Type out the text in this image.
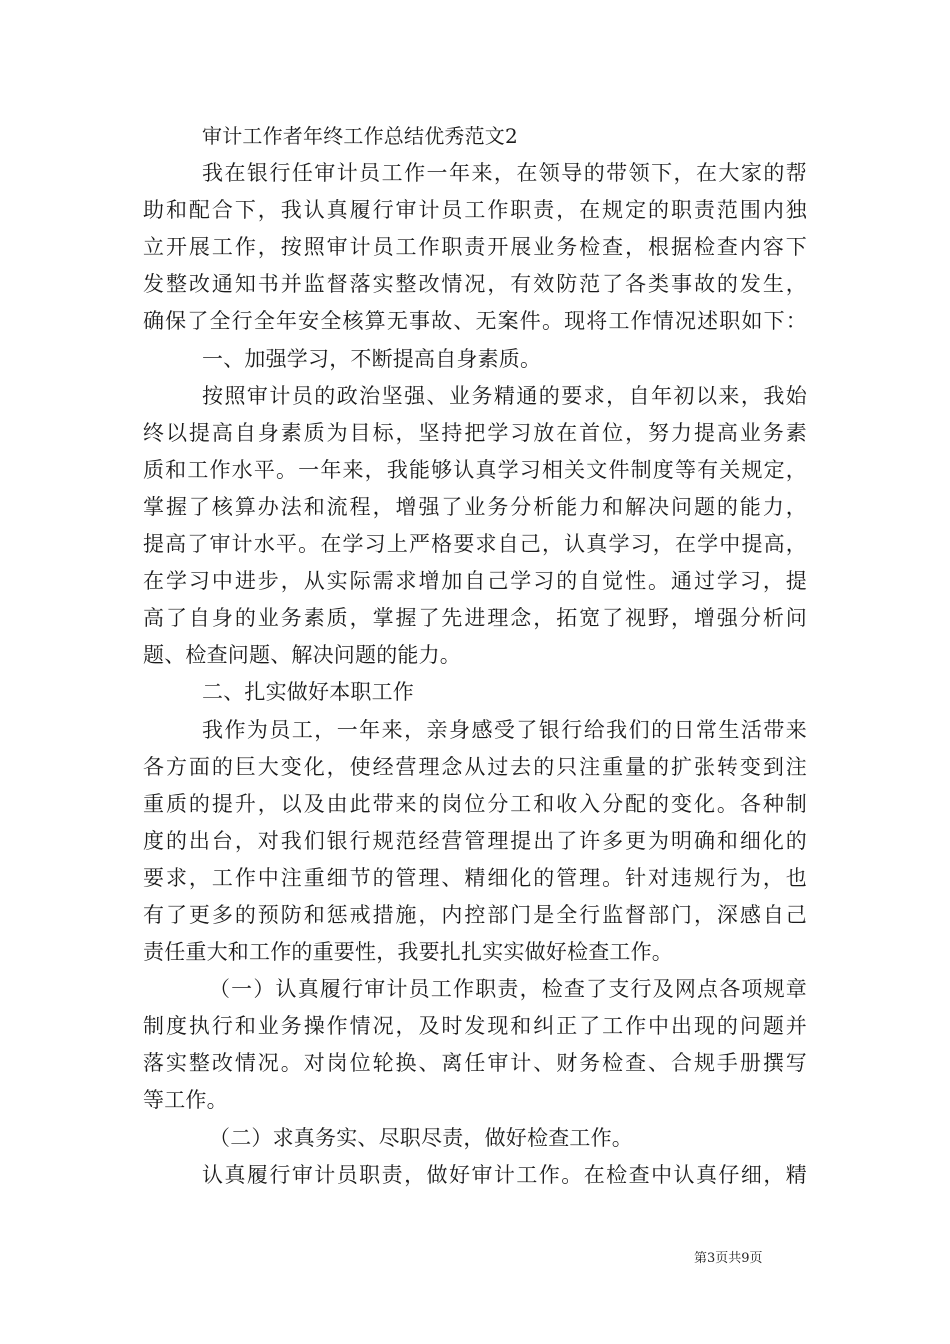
审计工作者年终工作总结优秀范文2
我在银行任审计员工作一年来，在领导的带领下，在大家的帮
助和配合下，我认真履行审计员工作职责，在规定的职责范围内独
立开展工作，按照审计员工作职责开展业务检查，根据检查内容下
发整改通知书并监督落实整改情况，有效防范了各类事故的发生，
确保了全行全年安全核算无事故、无案件。现将工作情况述职如下：
一、加强学习，不断提高自身素质。
按照审计员的政治坚强、业务精通的要求，自年初以来，我始
终以提高自身素质为目标，坚持把学习放在首位，努力提高业务素
质和工作水平。一年来，我能够认真学习相关文件制度等有关规定，
掌握了核算办法和流程，增强了业务分析能力和解决问题的能力，
提高了审计水平。在学习上严格要求自己，认真学习，在学中提高，
在学习中进步，从实际需求增加自己学习的自觉性。通过学习，提
高了自身的业务素质，掌握了先进理念，拓宽了视野，增强分析问
题、检查问题、解决问题的能力。
二、扎实做好本职工作
我作为员工，一年来，亲身感受了银行给我们的日常生活带来
各方面的巨大变化，使经营理念从过去的只注重量的扩张转变到注
重质的提升，以及由此带来的岗位分工和收入分配的变化。各种制
度的出台，对我们银行规范经营管理提出了许多更为明确和细化的
要求，工作中注重细节的管理、精细化的管理。针对违规行为，也
有了更多的预防和惩戒措施，内控部门是全行监督部门，深感自己
责任重大和工作的重要性，我要扎扎实实做好检查工作。
（一）认真履行审计员工作职责，检查了支行及网点各项规章
制度执行和业务操作情况，及时发现和纠正了工作中出现的问题并
落实整改情况。对岗位轮换、离任审计、财务检查、合规手册撰写
等工作。
（二）求真务实、尽职尽责，做好检查工作。
认真履行审计员职责，做好审计工作。在检查中认真仔细，精
第3页共9页
